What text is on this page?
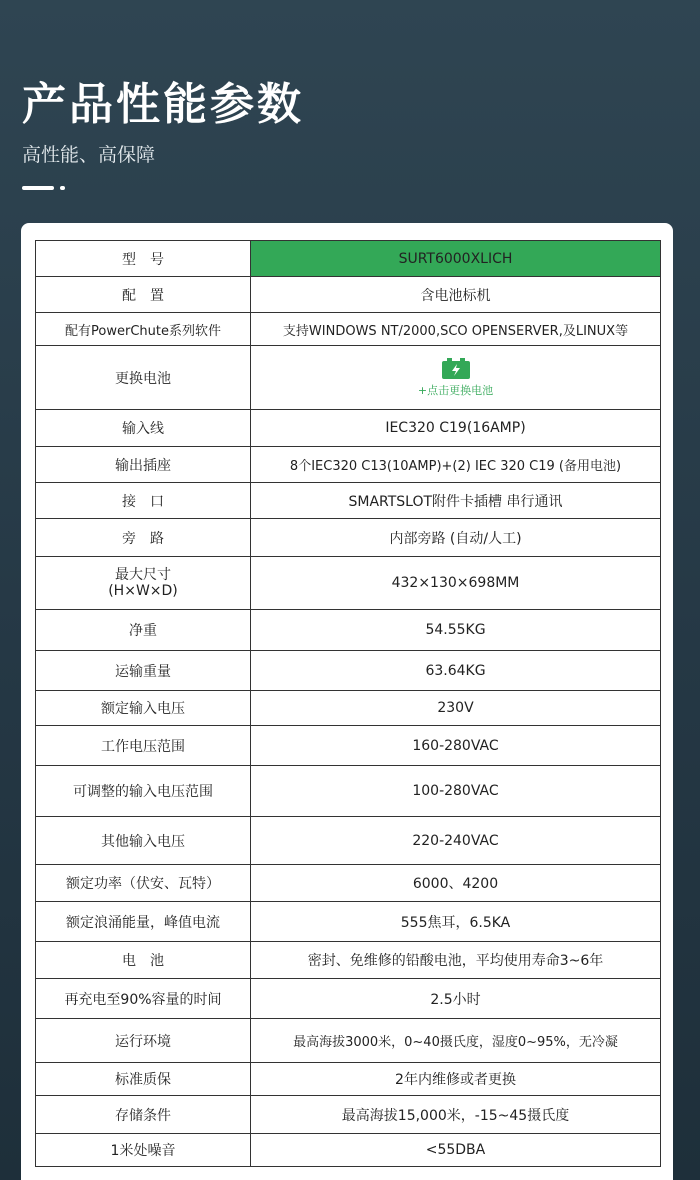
产品性能参数
高性能、高保障
型　号	SURT6000XLICH
配　置	含电池标机
配有PowerChute系列软件	支持WINDOWS NT/2000,SCO OPENSERVER,及LINUX等
更换电池	+点击更换电池
输入线	IEC320 C19(16AMP)
输出插座	8个IEC320 C13(10AMP)+(2) IEC 320 C19 (备用电池)
接　口	SMARTSLOT附件卡插槽 串行通讯
旁　路	内部旁路 (自动/人工)
最大尺寸
(H×W×D)	432×130×698MM
净重	54.55KG
运输重量	63.64KG
额定输入电压	230V
工作电压范围	160-280VAC
可调整的输入电压范围	100-280VAC
其他输入电压	220-240VAC
额定功率（伏安、瓦特）	6000、4200
额定浪涌能量，峰值电流	555焦耳，6.5KA
电　池	密封、免维修的铅酸电池，平均使用寿命3~6年
再充电至90%容量的时间	2.5小时
运行环境	最高海拔3000米，0~40摄氏度，湿度0~95%，无冷凝
标准质保	2年内维修或者更换
存储条件	最高海拔15,000米，-15~45摄氏度
1米处噪音	<55DBA
